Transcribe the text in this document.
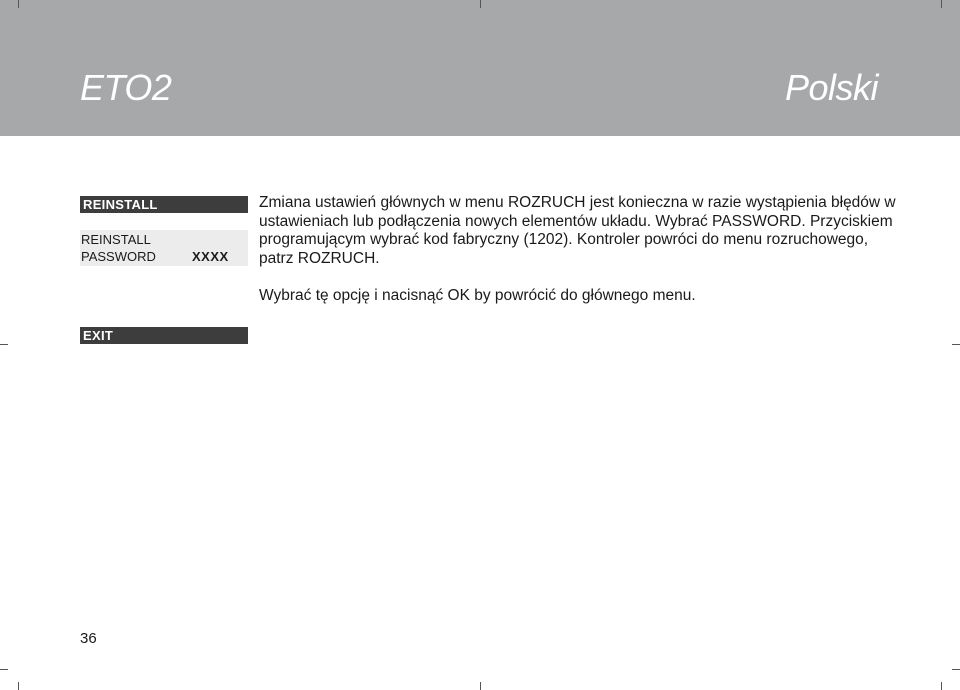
ETO2	Polski
REINSTALL
REINSTALL
PASSWORD	XXXX

Zmiana ustawień głównych w menu ROZRUCH jest konieczna w razie wystąpienia błędów w ustawieniach lub podłączenia nowych elementów układu. Wybrać PASSWORD. Przyciskiem programującym wybrać kod fabryczny (1202). Kontroler powróci do menu rozruchowego, patrz ROZRUCH.

Wybrać tę opcję i nacisnąć OK by powrócić do głównego menu.

EXIT
36
